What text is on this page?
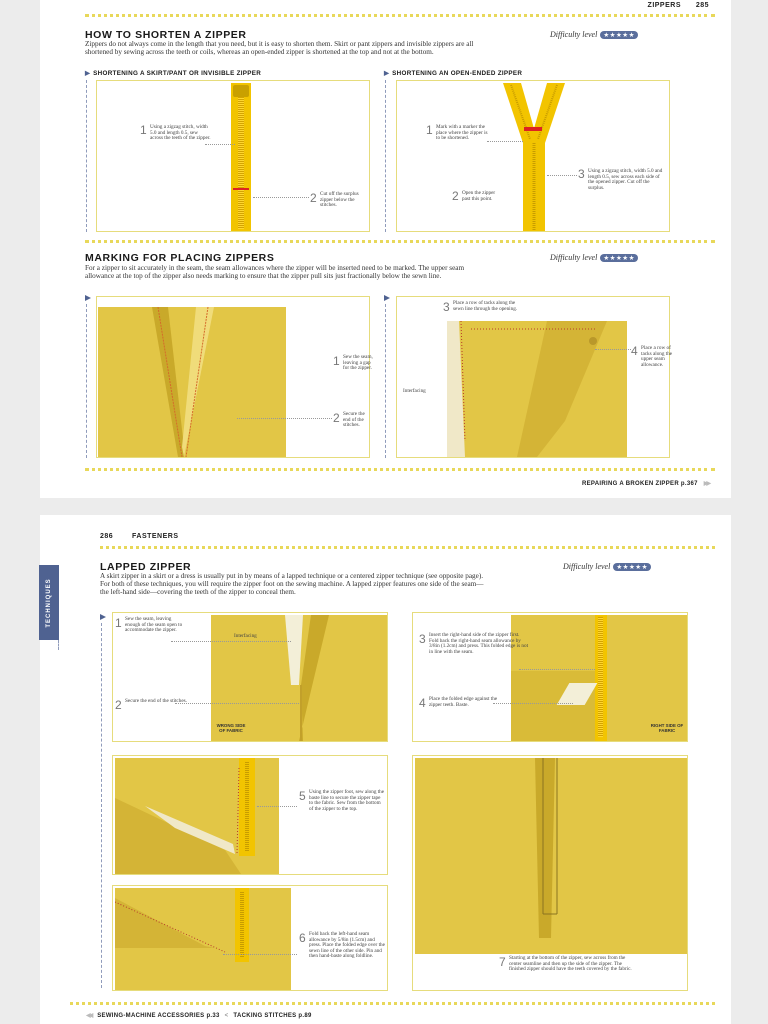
ZIPPERS 285
HOW TO SHORTEN A ZIPPER	Difficulty level ★★★★★
Zippers do not always come in the length that you need, but it is easy to shorten them. Skirt or pant zippers and invisible zippers are all shortened by sewing across the teeth or coils, whereas an open-ended zipper is shortened at the top and not at the bottom.
▶ SHORTENING A SKIRT/PANT OR INVISIBLE ZIPPER	▶ SHORTENING AN OPEN-ENDED ZIPPER
1 Using a zigzag stitch, width 5.0 and length 0.5, sew across the teeth of the zipper.
2 Cut off the surplus zipper below the stitches.
1 Mark with a marker the place where the zipper is to be shortened.
2 Open the zipper past this point.
3 Using a zigzag stitch, width 5.0 and length 0.5, sew across each side of the opened zipper. Cut off the surplus.
MARKING FOR PLACING ZIPPERS	Difficulty level ★★★★★
For a zipper to sit accurately in the seam, the seam allowances where the zipper will be inserted need to be marked. The upper seam allowance at the top of the zipper also needs marking to ensure that the zipper pull sits just fractionally below the sewn line.
1 Sew the seam, leaving a gap for the zipper.
2 Secure the end of the stitches.
3 Place a row of tacks along the sewn line through the opening.
4 Place a row of tacks along the upper seam allowance.
Interfacing
REPAIRING A BROKEN ZIPPER p.367 ▶▶
286	FASTENERS
TECHNIQUES
LAPPED ZIPPER	Difficulty level ★★★★★
A skirt zipper in a skirt or a dress is usually put in by means of a lapped technique or a centered zipper technique (see opposite page). For both of these techniques, you will require the zipper foot on the sewing machine. A lapped zipper features one side of the seam—the left-hand side—covering the teeth of the zipper to conceal them.
1 Sew the seam, leaving enough of the seam open to accommodate the zipper.
Interfacing
2 Secure the end of the stitches.
WRONG SIDE OF FABRIC
3 Insert the right-hand side of the zipper first. Fold back the right-hand seam allowance by 3/8in (1.2cm) and press. This folded edge is not in line with the seam.
4 Place the folded edge against the zipper teeth. Baste.
RIGHT SIDE OF FABRIC
5 Using the zipper foot, sew along the baste line to secure the zipper tape to the fabric. Sew from the bottom of the zipper to the top.
6 Fold back the left-hand seam allowance by 5/8in (1.5cm) and press. Place the folded edge over the sewn line of the other side. Pin and then hand-baste along foldline.	7 Starting at the bottom of the zipper, sew across from the center seamline and then up the side of the zipper. The finished zipper should have the teeth covered by the fabric.
◀◀ SEWING-MACHINE ACCESSORIES p.33 < TACKING STITCHES p.89
